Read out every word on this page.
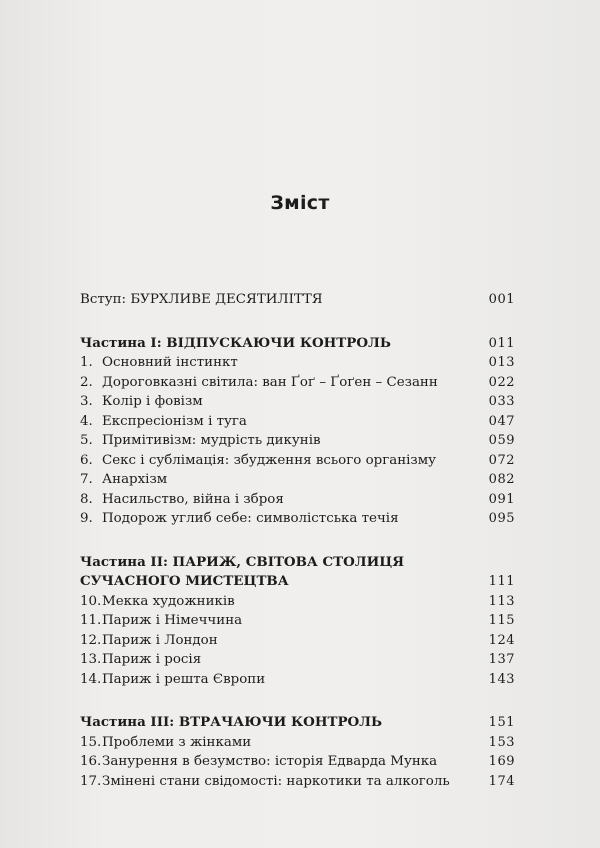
Зміст
Вступ: БУРХЛИВЕ ДЕСЯТИЛІТТЯ	001
Частина I: ВІДПУСКАЮЧИ КОНТРОЛЬ	011
1. Основний інстинкт	013
2. Дороговказні світила: ван Ґоґ – Ґоґен – Сезанн	022
3. Колір і фовізм	033
4. Експресіонізм і туга	047
5. Примітивізм: мудрість дикунів	059
6. Секс і сублімація: збудження всього організму	072
7. Анархізм	082
8. Насильство, війна і зброя	091
9. Подорож углиб себе: символістська течія	095
Частина II: ПАРИЖ, СВІТОВА СТОЛИЦЯ
СУЧАСНОГО МИСТЕЦТВА	111
10. Мекка художників	113
11. Париж і Німеччина	115
12. Париж і Лондон	124
13. Париж і росія	137
14. Париж і решта Європи	143
Частина III: ВТРАЧАЮЧИ КОНТРОЛЬ	151
15. Проблеми з жінками	153
16. Занурення в безумство: історія Едварда Мунка	169
17. Змінені стани свідомості: наркотики та алкоголь	174
